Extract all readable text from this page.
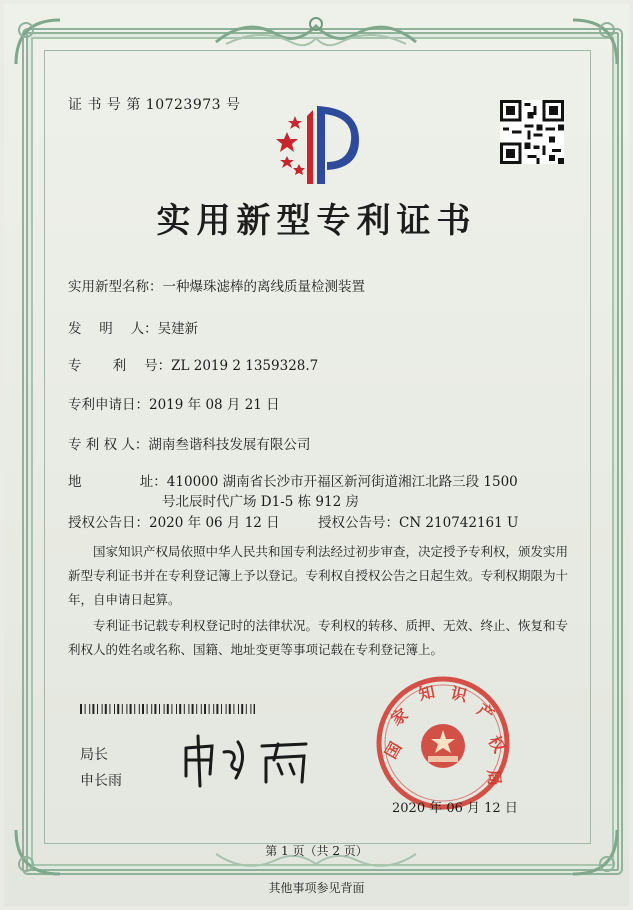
证 书 号 第 10723973 号
实用新型专利证书
实用新型名称：一种爆珠滤棒的离线质量检测装置
发　 明　 人：吴建新
专　　 利　 号：ZL 2019 2 1359328.7
专利申请日：2019 年 08 月 21 日
专 利 权 人：湖南叁谐科技发展有限公司
地　　　　 址：410000 湖南省长沙市开福区新河街道湘江北路三段 1500
号北辰时代广场 D1-5 栋 912 房
授权公告日：2020 年 06 月 12 日	授权公告号：CN 210742161 U
　　国家知识产权局依照中华人民共和国专利法经过初步审查，决定授予专利权，颁发实用新型专利证书并在专利登记簿上予以登记。专利权自授权公告之日起生效。专利权期限为十年，自申请日起算。
　　专利证书记载专利权登记时的法律状况。专利权的转移、质押、无效、终止、恢复和专利权人的姓名或名称、国籍、地址变更等事项记载在专利登记簿上。
局长
申长雨
国
家
知 识
产
权
局
2020 年 06 月 12 日
第 1 页（共 2 页）
其他事项参见背面
